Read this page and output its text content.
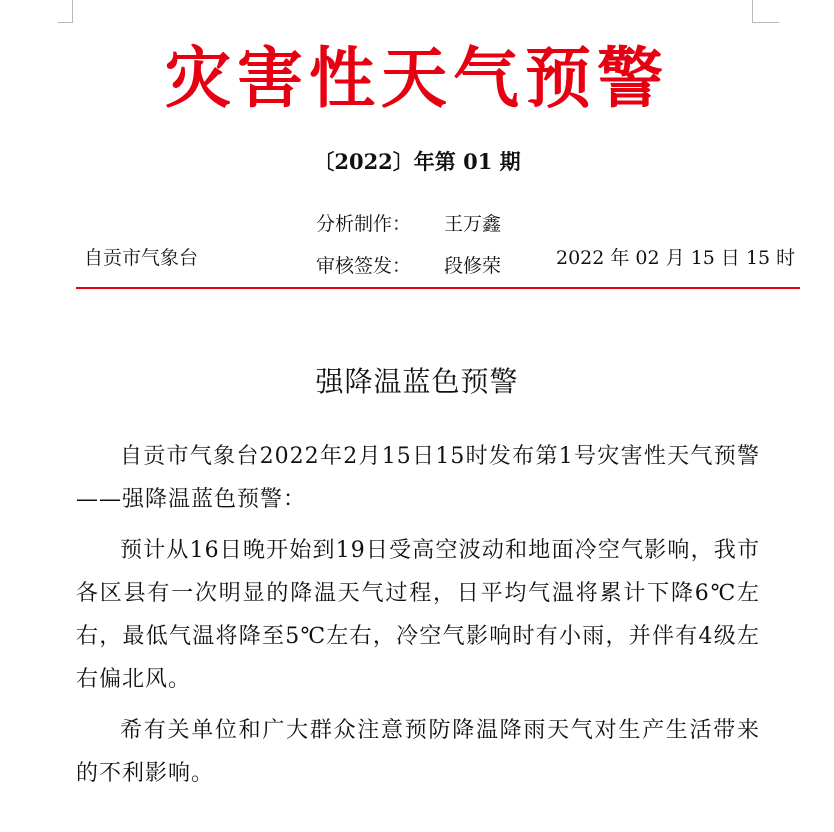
灾害性天气预警
〔2022〕年第 01 期
自贡市气象台
分析制作： 王万鑫
审核签发： 段修荣	2022 年 02 月 15 日 15 时
强降温蓝色预警

自贡市气象台2022年2月15日15时发布第1号灾害性天气预警——强降温蓝色预警：

预计从16日晚开始到19日受高空波动和地面冷空气影响，我市各区县有一次明显的降温天气过程，日平均气温将累计下降6℃左右，最低气温将降至5℃左右，冷空气影响时有小雨，并伴有4级左右偏北风。

希有关单位和广大群众注意预防降温降雨天气对生产生活带来的不利影响。
